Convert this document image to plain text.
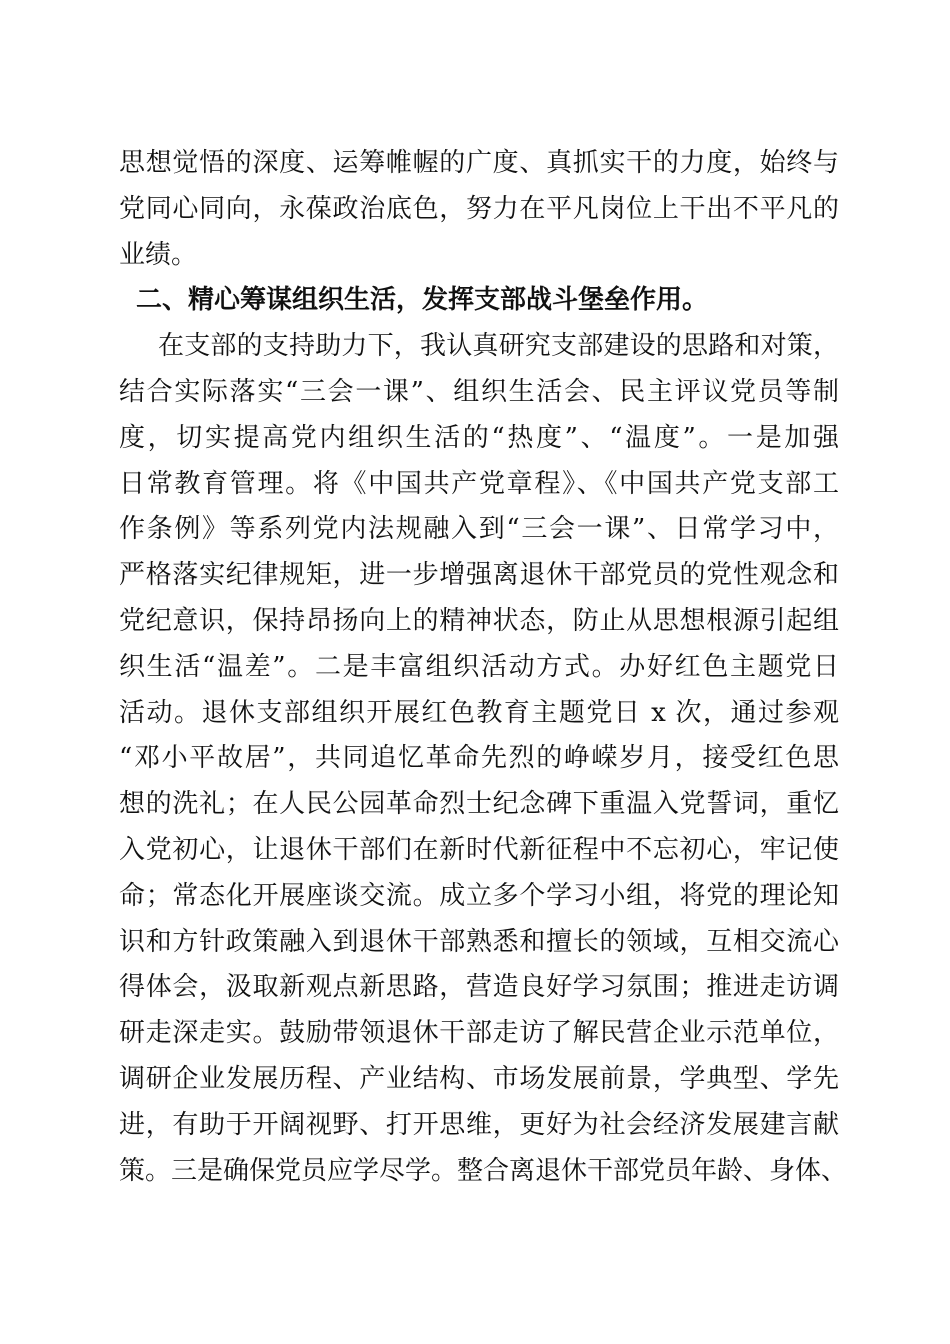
思想觉悟的深度、运筹帷幄的广度、真抓实干的力度，始终与
党同心同向，永葆政治底色，努力在平凡岗位上干出不平凡的
业绩。
二、精心筹谋组织生活，发挥支部战斗堡垒作用。
在支部的支持助力下，我认真研究支部建设的思路和对策，
结合实际落实“三会一课”、组织生活会、民主评议党员等制
度，切实提高党内组织生活的“热度”、“温度”。一是加强
日常教育管理。将《中国共产党章程》、《中国共产党支部工
作条例》等系列党内法规融入到“三会一课”、日常学习中，
严格落实纪律规矩，进一步增强离退休干部党员的党性观念和
党纪意识，保持昂扬向上的精神状态，防止从思想根源引起组
织生活“温差”。二是丰富组织活动方式。办好红色主题党日
活动。退休支部组织开展红色教育主题党日 x 次，通过参观
“邓小平故居”，共同追忆革命先烈的峥嵘岁月，接受红色思
想的洗礼；在人民公园革命烈士纪念碑下重温入党誓词，重忆
入党初心，让退休干部们在新时代新征程中不忘初心，牢记使
命；常态化开展座谈交流。成立多个学习小组，将党的理论知
识和方针政策融入到退休干部熟悉和擅长的领域，互相交流心
得体会，汲取新观点新思路，营造良好学习氛围；推进走访调
研走深走实。鼓励带领退休干部走访了解民营企业示范单位，
调研企业发展历程、产业结构、市场发展前景，学典型、学先
进，有助于开阔视野、打开思维，更好为社会经济发展建言献
策。三是确保党员应学尽学。整合离退休干部党员年龄、身体、
